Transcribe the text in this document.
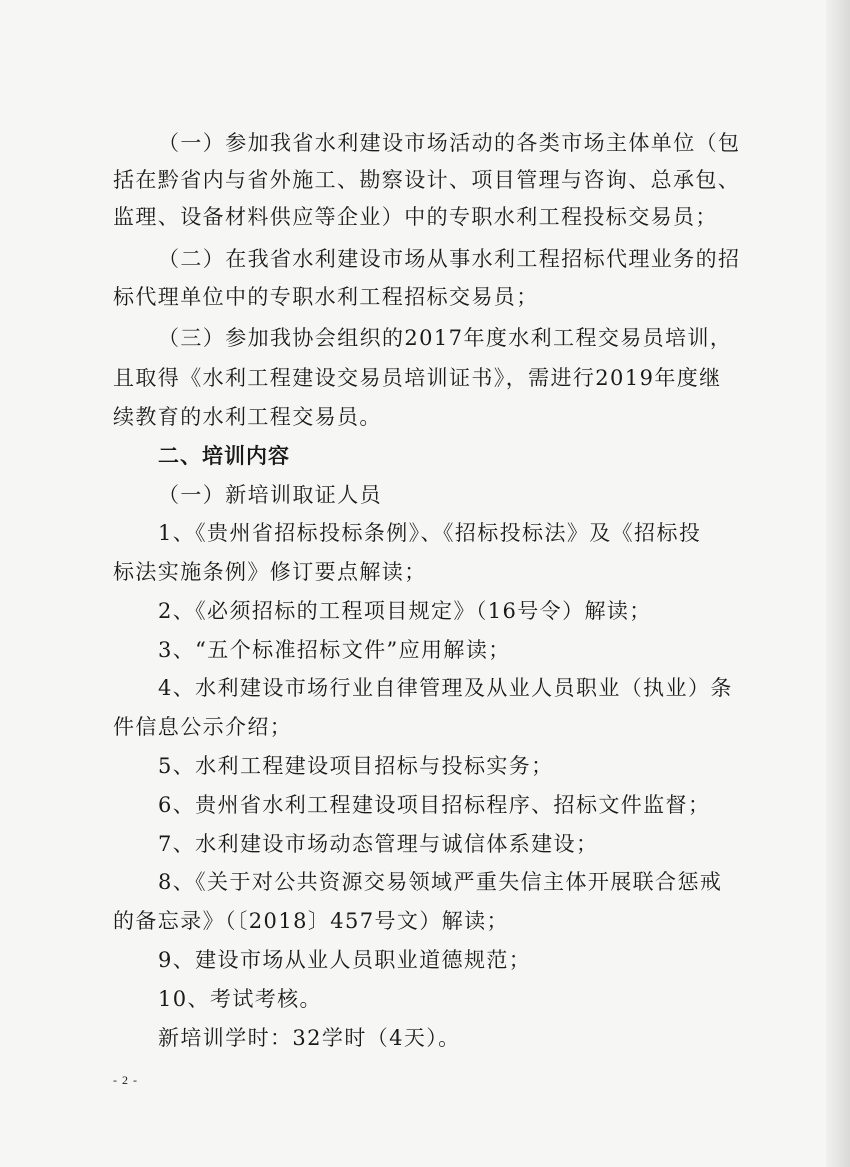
（一）参加我省水利建设市场活动的各类市场主体单位（包
括在黔省内与省外施工、勘察设计、项目管理与咨询、总承包、
监理、设备材料供应等企业）中的专职水利工程投标交易员；
（二）在我省水利建设市场从事水利工程招标代理业务的招
标代理单位中的专职水利工程招标交易员；
（三）参加我协会组织的2017年度水利工程交易员培训，
且取得《水利工程建设交易员培训证书》，需进行2019年度继
续教育的水利工程交易员。
二、培训内容
（一）新培训取证人员
1、《贵州省招标投标条例》、《招标投标法》及《招标投
标法实施条例》修订要点解读；
2、《必须招标的工程项目规定》（16号令）解读；
3、“五个标准招标文件”应用解读；
4、水利建设市场行业自律管理及从业人员职业（执业）条
件信息公示介绍；
5、水利工程建设项目招标与投标实务；
6、贵州省水利工程建设项目招标程序、招标文件监督；
7、水利建设市场动态管理与诚信体系建设；
8、《关于对公共资源交易领域严重失信主体开展联合惩戒
的备忘录》（〔2018〕457号文）解读；
9、建设市场从业人员职业道德规范；
10、考试考核。
新培训学时：32学时（4天）。
- 2 -
